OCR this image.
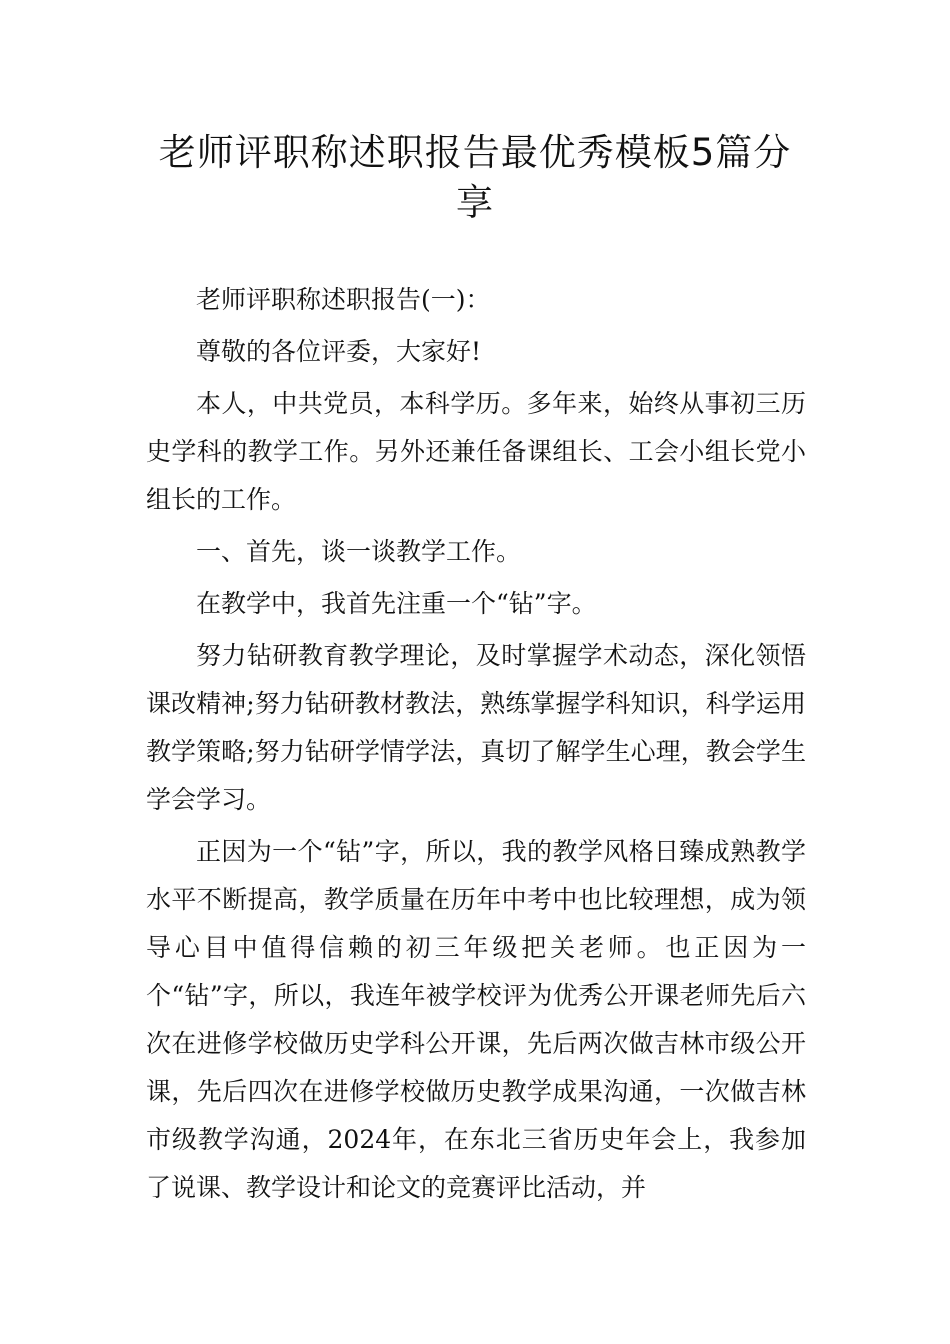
老师评职称述职报告最优秀模板5篇分享

老师评职称述职报告(一)：

尊敬的各位评委，大家好!

本人，中共党员，本科学历。多年来，始终从事初三历史学科的教学工作。另外还兼任备课组长、工会小组长党小组长的工作。

一、首先，谈一谈教学工作。

在教学中，我首先注重一个“钻”字。

努力钻研教育教学理论，及时掌握学术动态，深化领悟课改精神;努力钻研教材教法，熟练掌握学科知识，科学运用教学策略;努力钻研学情学法，真切了解学生心理，教会学生学会学习。

正因为一个“钻”字，所以，我的教学风格日臻成熟教学水平不断提高，教学质量在历年中考中也比较理想，成为领导心目中值得信赖的初三年级把关老师。也正因为一个“钻”字，所以，我连年被学校评为优秀公开课老师先后六次在进修学校做历史学科公开课，先后两次做吉林市级公开课，先后四次在进修学校做历史教学成果沟通，一次做吉林市级教学沟通，2024年，在东北三省历史年会上，我参加了说课、教学设计和论文的竞赛评比活动，并
